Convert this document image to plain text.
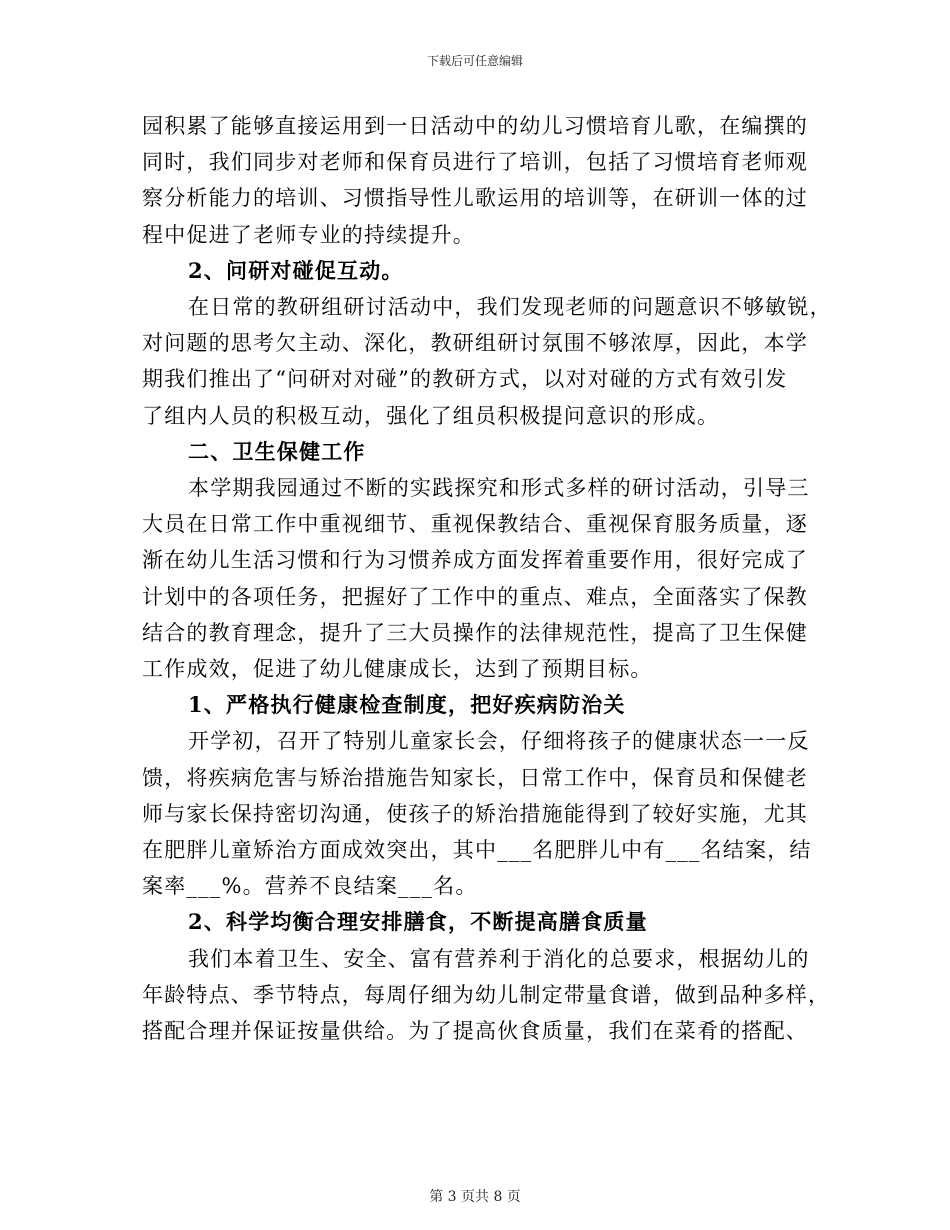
下载后可任意编辑

园积累了能够直接运用到一日活动中的幼儿习惯培育儿歌，在编撰的
同时，我们同步对老师和保育员进行了培训，包括了习惯培育老师观
察分析能力的培训、习惯指导性儿歌运用的培训等，在研训一体的过
程中促进了老师专业的持续提升。

2、问研对碰促互动。

在日常的教研组研讨活动中，我们发现老师的问题意识不够敏锐，
对问题的思考欠主动、深化，教研组研讨氛围不够浓厚，因此，本学
期我们推出了“问研对对碰”的教研方式，以对对碰的方式有效引发
了组内人员的积极互动，强化了组员积极提问意识的形成。

二、卫生保健工作

本学期我园通过不断的实践探究和形式多样的研讨活动，引导三
大员在日常工作中重视细节、重视保教结合、重视保育服务质量，逐
渐在幼儿生活习惯和行为习惯养成方面发挥着重要作用，很好完成了
计划中的各项任务，把握好了工作中的重点、难点，全面落实了保教
结合的教育理念，提升了三大员操作的法律规范性，提高了卫生保健
工作成效，促进了幼儿健康成长，达到了预期目标。

1、严格执行健康检查制度，把好疾病防治关

开学初，召开了特别儿童家长会，仔细将孩子的健康状态一一反
馈，将疾病危害与矫治措施告知家长，日常工作中，保育员和保健老
师与家长保持密切沟通，使孩子的矫治措施能得到了较好实施，尤其
在肥胖儿童矫治方面成效突出，其中___名肥胖儿中有___名结案，结
案率___%。营养不良结案___名。

2、科学均衡合理安排膳食，不断提高膳食质量

我们本着卫生、安全、富有营养利于消化的总要求，根据幼儿的
年龄特点、季节特点，每周仔细为幼儿制定带量食谱，做到品种多样，
搭配合理并保证按量供给。为了提高伙食质量，我们在菜肴的搭配、

第 3 页共 8 页
